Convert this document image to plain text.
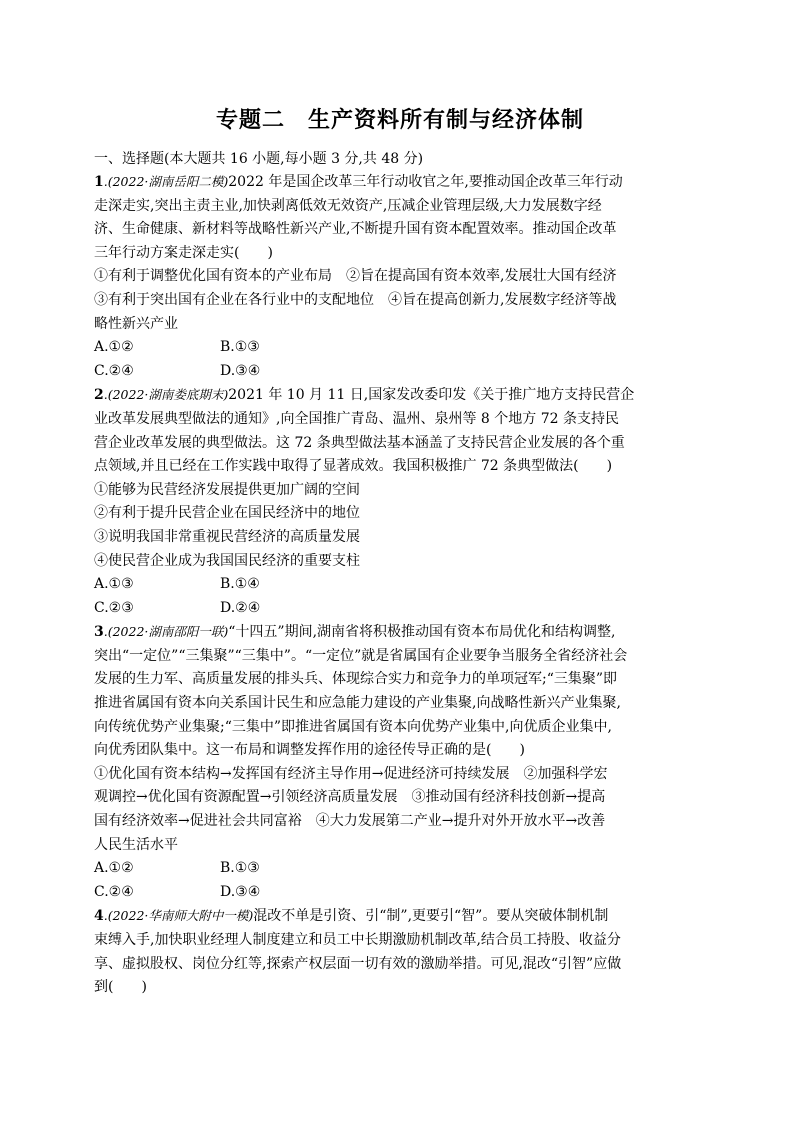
专题二　生产资料所有制与经济体制
一、选择题(本大题共 16 小题,每小题 3 分,共 48 分)
1.(2022·湖南岳阳二模)2022 年是国企改革三年行动收官之年,要推动国企改革三年行动
走深走实,突出主责主业,加快剥离低效无效资产,压减企业管理层级,大力发展数字经
济、生命健康、新材料等战略性新兴产业,不断提升国有资本配置效率。推动国企改革
三年行动方案走深走实(　　)
①有利于调整优化国有资本的产业布局　②旨在提高国有资本效率,发展壮大国有经济
③有利于突出国有企业在各行业中的支配地位　④旨在提高创新力,发展数字经济等战
略性新兴产业
A.①②	B.①③
C.②④	D.③④
2.(2022·湖南娄底期末)2021 年 10 月 11 日,国家发改委印发《关于推广地方支持民营企
业改革发展典型做法的通知》,向全国推广青岛、温州、泉州等 8 个地方 72 条支持民
营企业改革发展的典型做法。这 72 条典型做法基本涵盖了支持民营企业发展的各个重
点领域,并且已经在工作实践中取得了显著成效。我国积极推广 72 条典型做法(　　)
①能够为民营经济发展提供更加广阔的空间
②有利于提升民营企业在国民经济中的地位
③说明我国非常重视民营经济的高质量发展
④使民营企业成为我国国民经济的重要支柱
A.①③	B.①④
C.②③	D.②④
3.(2022·湖南邵阳一联)“十四五”期间,湖南省将积极推动国有资本布局优化和结构调整,
突出“一定位”“三集聚”“三集中”。“一定位”就是省属国有企业要争当服务全省经济社会
发展的生力军、高质量发展的排头兵、体现综合实力和竞争力的单项冠军;“三集聚”即
推进省属国有资本向关系国计民生和应急能力建设的产业集聚,向战略性新兴产业集聚,
向传统优势产业集聚;“三集中”即推进省属国有资本向优势产业集中,向优质企业集中,
向优秀团队集中。这一布局和调整发挥作用的途径传导正确的是(　　)
①优化国有资本结构→发挥国有经济主导作用→促进经济可持续发展　②加强科学宏
观调控→优化国有资源配置→引领经济高质量发展　③推动国有经济科技创新→提高
国有经济效率→促进社会共同富裕　④大力发展第二产业→提升对外开放水平→改善
人民生活水平
A.①②	B.①③
C.②④	D.③④
4.(2022·华南师大附中一模)混改不单是引资、引“制”,更要引“智”。要从突破体制机制
束缚入手,加快职业经理人制度建立和员工中长期激励机制改革,结合员工持股、收益分
享、虚拟股权、岗位分红等,探索产权层面一切有效的激励举措。可见,混改“引智”应做
到(　　)
